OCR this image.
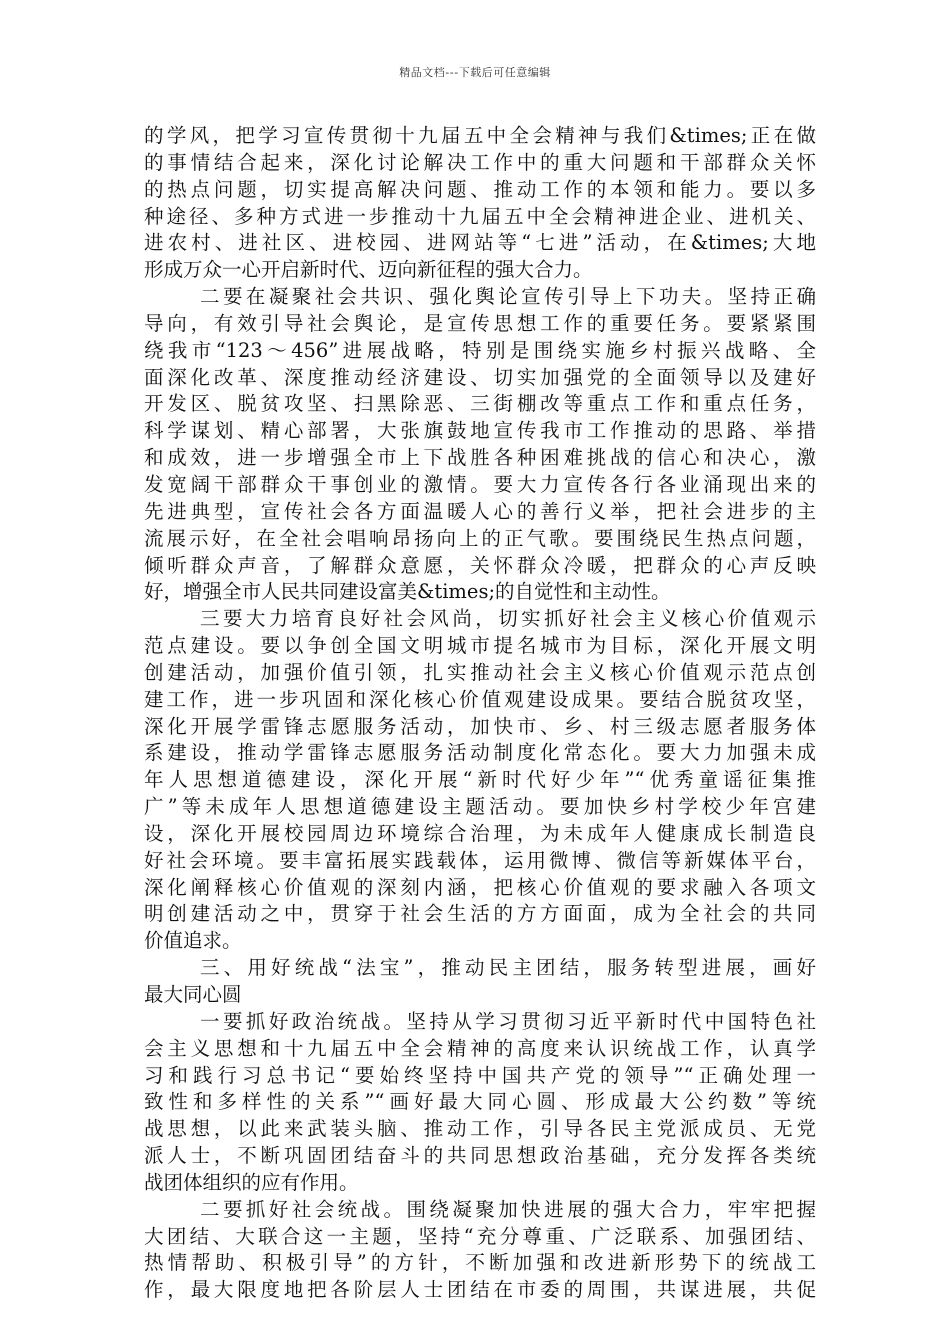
精品文档---下载后可任意编辑
的学风，把学习宣传贯彻十九届五中全会精神与我们&times;正在做
的事情结合起来，深化讨论解决工作中的重大问题和干部群众关怀
的热点问题，切实提高解决问题、推动工作的本领和能力。要以多
种途径、多种方式进一步推动十九届五中全会精神进企业、进机关、
进农村、进社区、进校园、进网站等“七进”活动，在&times;大地
形成万众一心开启新时代、迈向新征程的强大合力。
二要在凝聚社会共识、强化舆论宣传引导上下功夫。坚持正确
导向，有效引导社会舆论，是宣传思想工作的重要任务。要紧紧围
绕我市“123～456”进展战略，特别是围绕实施乡村振兴战略、全
面深化改革、深度推动经济建设、切实加强党的全面领导以及建好
开发区、脱贫攻坚、扫黑除恶、三街棚改等重点工作和重点任务，
科学谋划、精心部署，大张旗鼓地宣传我市工作推动的思路、举措
和成效，进一步增强全市上下战胜各种困难挑战的信心和决心，激
发宽阔干部群众干事创业的激情。要大力宣传各行各业涌现出来的
先进典型，宣传社会各方面温暖人心的善行义举，把社会进步的主
流展示好，在全社会唱响昂扬向上的正气歌。要围绕民生热点问题，
倾听群众声音，了解群众意愿，关怀群众冷暖，把群众的心声反映
好，增强全市人民共同建设富美&times;的自觉性和主动性。
三要大力培育良好社会风尚，切实抓好社会主义核心价值观示
范点建设。要以争创全国文明城市提名城市为目标，深化开展文明
创建活动，加强价值引领，扎实推动社会主义核心价值观示范点创
建工作，进一步巩固和深化核心价值观建设成果。要结合脱贫攻坚，
深化开展学雷锋志愿服务活动，加快市、乡、村三级志愿者服务体
系建设，推动学雷锋志愿服务活动制度化常态化。要大力加强未成
年人思想道德建设，深化开展“新时代好少年”“优秀童谣征集推
广”等未成年人思想道德建设主题活动。要加快乡村学校少年宫建
设，深化开展校园周边环境综合治理，为未成年人健康成长制造良
好社会环境。要丰富拓展实践载体，运用微博、微信等新媒体平台，
深化阐释核心价值观的深刻内涵，把核心价值观的要求融入各项文
明创建活动之中，贯穿于社会生活的方方面面，成为全社会的共同
价值追求。
三、用好统战“法宝”，推动民主团结，服务转型进展，画好
最大同心圆
一要抓好政治统战。坚持从学习贯彻习近平新时代中国特色社
会主义思想和十九届五中全会精神的高度来认识统战工作，认真学
习和践行习总书记“要始终坚持中国共产党的领导”“正确处理一
致性和多样性的关系”“画好最大同心圆、形成最大公约数”等统
战思想，以此来武装头脑、推动工作，引导各民主党派成员、无党
派人士，不断巩固团结奋斗的共同思想政治基础，充分发挥各类统
战团体组织的应有作用。
二要抓好社会统战。围绕凝聚加快进展的强大合力，牢牢把握
大团结、大联合这一主题，坚持“充分尊重、广泛联系、加强团结、
热情帮助、积极引导”的方针，不断加强和改进新形势下的统战工
作，最大限度地把各阶层人士团结在市委的周围，共谋进展，共促
